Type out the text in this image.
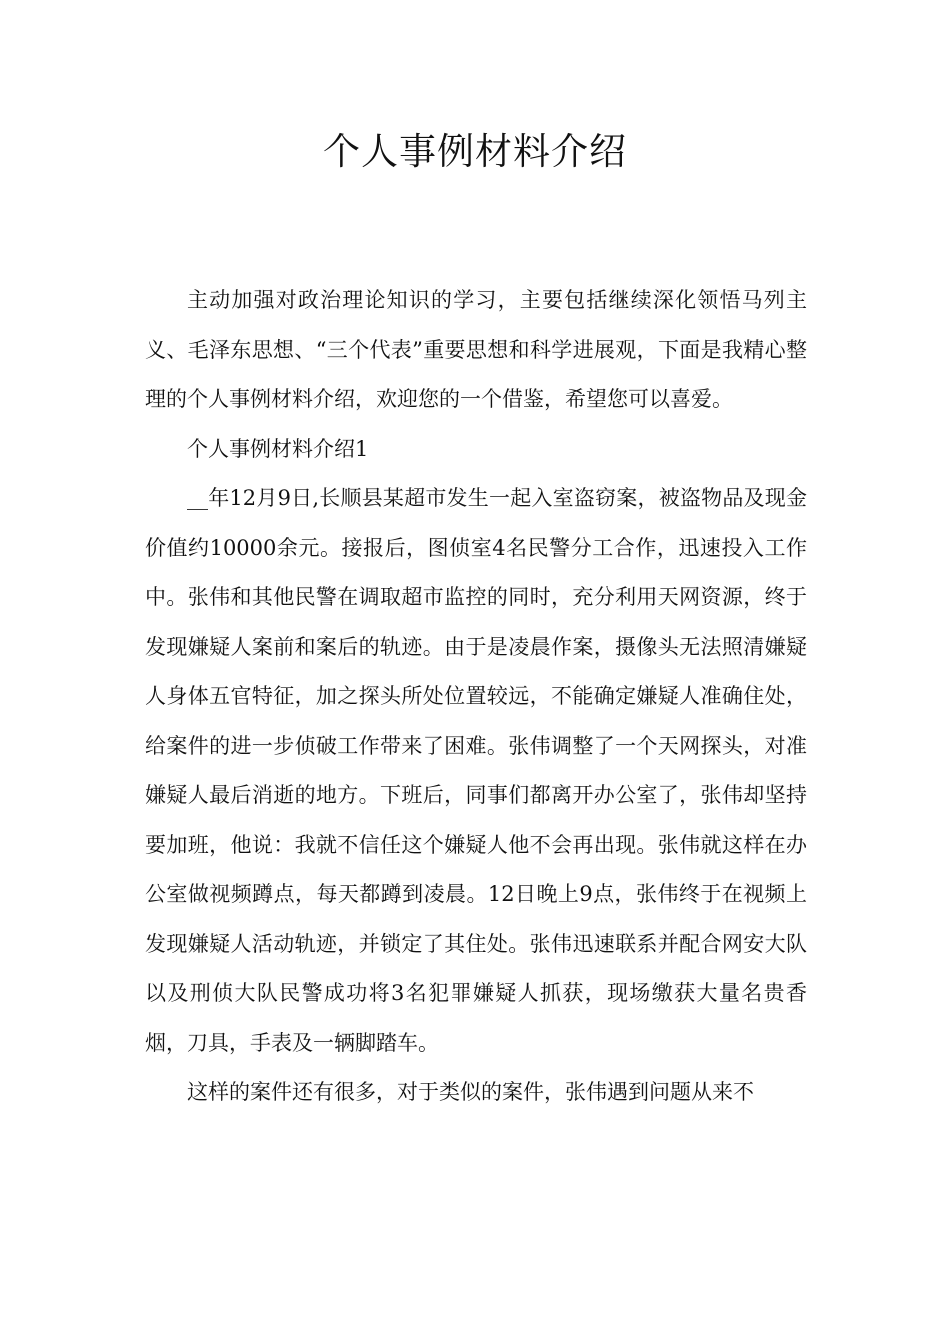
个人事例材料介绍

主动加强对政治理论知识的学习，主要包括继续深化领悟马列主义、毛泽东思想、“三个代表”重要思想和科学进展观，下面是我精心整理的个人事例材料介绍，欢迎您的一个借鉴，希望您可以喜爱。

个人事例材料介绍1

__年12月9日,长顺县某超市发生一起入室盗窃案，被盗物品及现金价值约10000余元。接报后，图侦室4名民警分工合作，迅速投入工作中。张伟和其他民警在调取超市监控的同时，充分利用天网资源，终于发现嫌疑人案前和案后的轨迹。由于是凌晨作案，摄像头无法照清嫌疑人身体五官特征，加之探头所处位置较远，不能确定嫌疑人准确住处，给案件的进一步侦破工作带来了困难。张伟调整了一个天网探头，对准嫌疑人最后消逝的地方。下班后，同事们都离开办公室了，张伟却坚持要加班，他说：我就不信任这个嫌疑人他不会再出现。张伟就这样在办公室做视频蹲点，每天都蹲到凌晨。12日晚上9点，张伟终于在视频上发现嫌疑人活动轨迹，并锁定了其住处。张伟迅速联系并配合网安大队以及刑侦大队民警成功将3名犯罪嫌疑人抓获，现场缴获大量名贵香烟，刀具，手表及一辆脚踏车。

这样的案件还有很多，对于类似的案件，张伟遇到问题从来不
